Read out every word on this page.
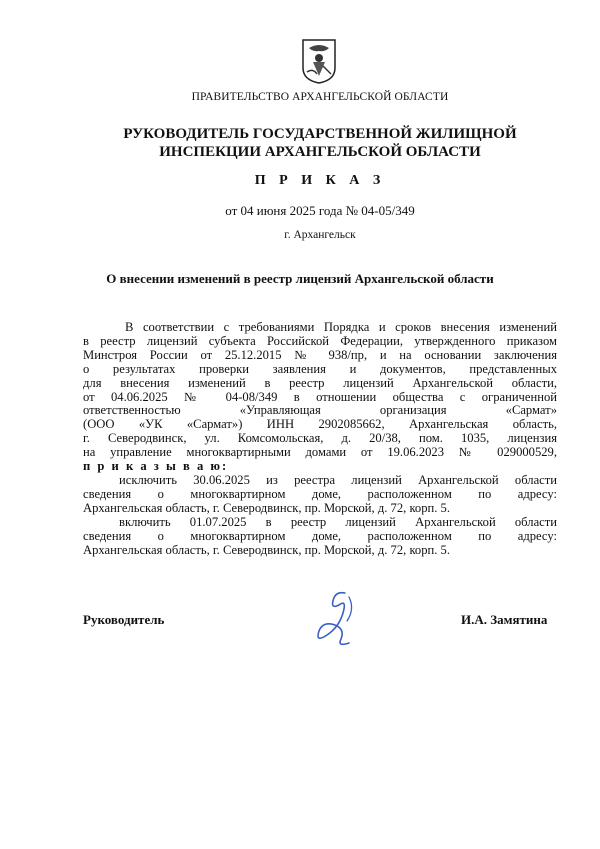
ПРАВИТЕЛЬСТВО АРХАНГЕЛЬСКОЙ ОБЛАСТИ
РУКОВОДИТЕЛЬ ГОСУДАРСТВЕННОЙ ЖИЛИЩНОЙ
ИНСПЕКЦИИ АРХАНГЕЛЬСКОЙ ОБЛАСТИ
П Р И К А З
от 04 июня 2025 года № 04-05/349
г. Архангельск
О внесении изменений в реестр лицензий Архангельской области
В соответствии с требованиями Порядка и сроков внесения изменений
в реестр лицензий субъекта Российской Федерации, утвержденного приказом
Минстроя России от 25.12.2015 № 938/пр, и на основании заключения
о результатах проверки заявления и документов, представленных
для внесения изменений в реестр лицензий Архангельской области,
от 04.06.2025 № 04-08/349 в отношении общества с ограниченной
ответственностью «Управляющая организация «Сармат»
(ООО «УК «Сармат») ИНН 2902085662, Архангельская область,
г. Северодвинск, ул. Комсомольская, д. 20/38, пом. 1035, лицензия
на управление многоквартирными домами от 19.06.2023 № 029000529,
п р и к а з ы в а ю:
исключить 30.06.2025 из реестра лицензий Архангельской области
сведения о многоквартирном доме, расположенном по адресу:
Архангельская область, г. Северодвинск, пр. Морской, д. 72, корп. 5.
включить 01.07.2025 в реестр лицензий Архангельской области
сведения о многоквартирном доме, расположенном по адресу:
Архангельская область, г. Северодвинск, пр. Морской, д. 72, корп. 5.
Руководитель	И.А. Замятина
